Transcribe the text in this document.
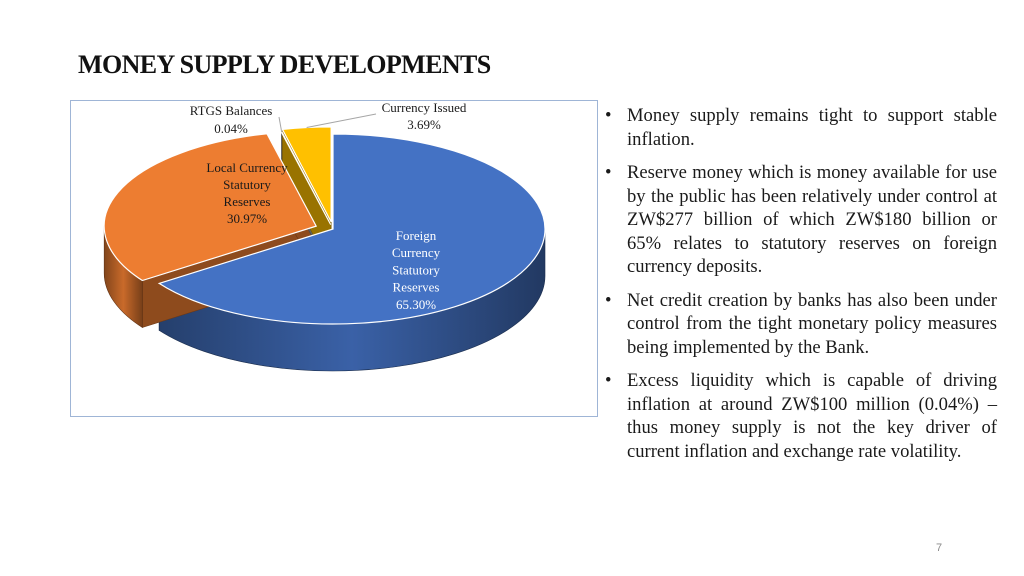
MONEY SUPPLY DEVELOPMENTS
Foreign Currency Statutory Reserves 65.30%
Local Currency Statutory Reserves 30.97%
RTGS Balances 0.04%
Currency Issued 3.69%	• Money supply remains tight to support stable inflation.
• Reserve money which is money available for use by the public has been relatively under control at ZW$277 billion of which ZW$180 billion or 65% relates to statutory reserves on foreign currency deposits.
• Net credit creation by banks has also been under control from the tight monetary policy measures being implemented by the Bank.
• Excess liquidity which is capable of driving inflation at around ZW$100 million (0.04%) – thus money supply is not the key driver of current inflation and exchange rate volatility.
7
